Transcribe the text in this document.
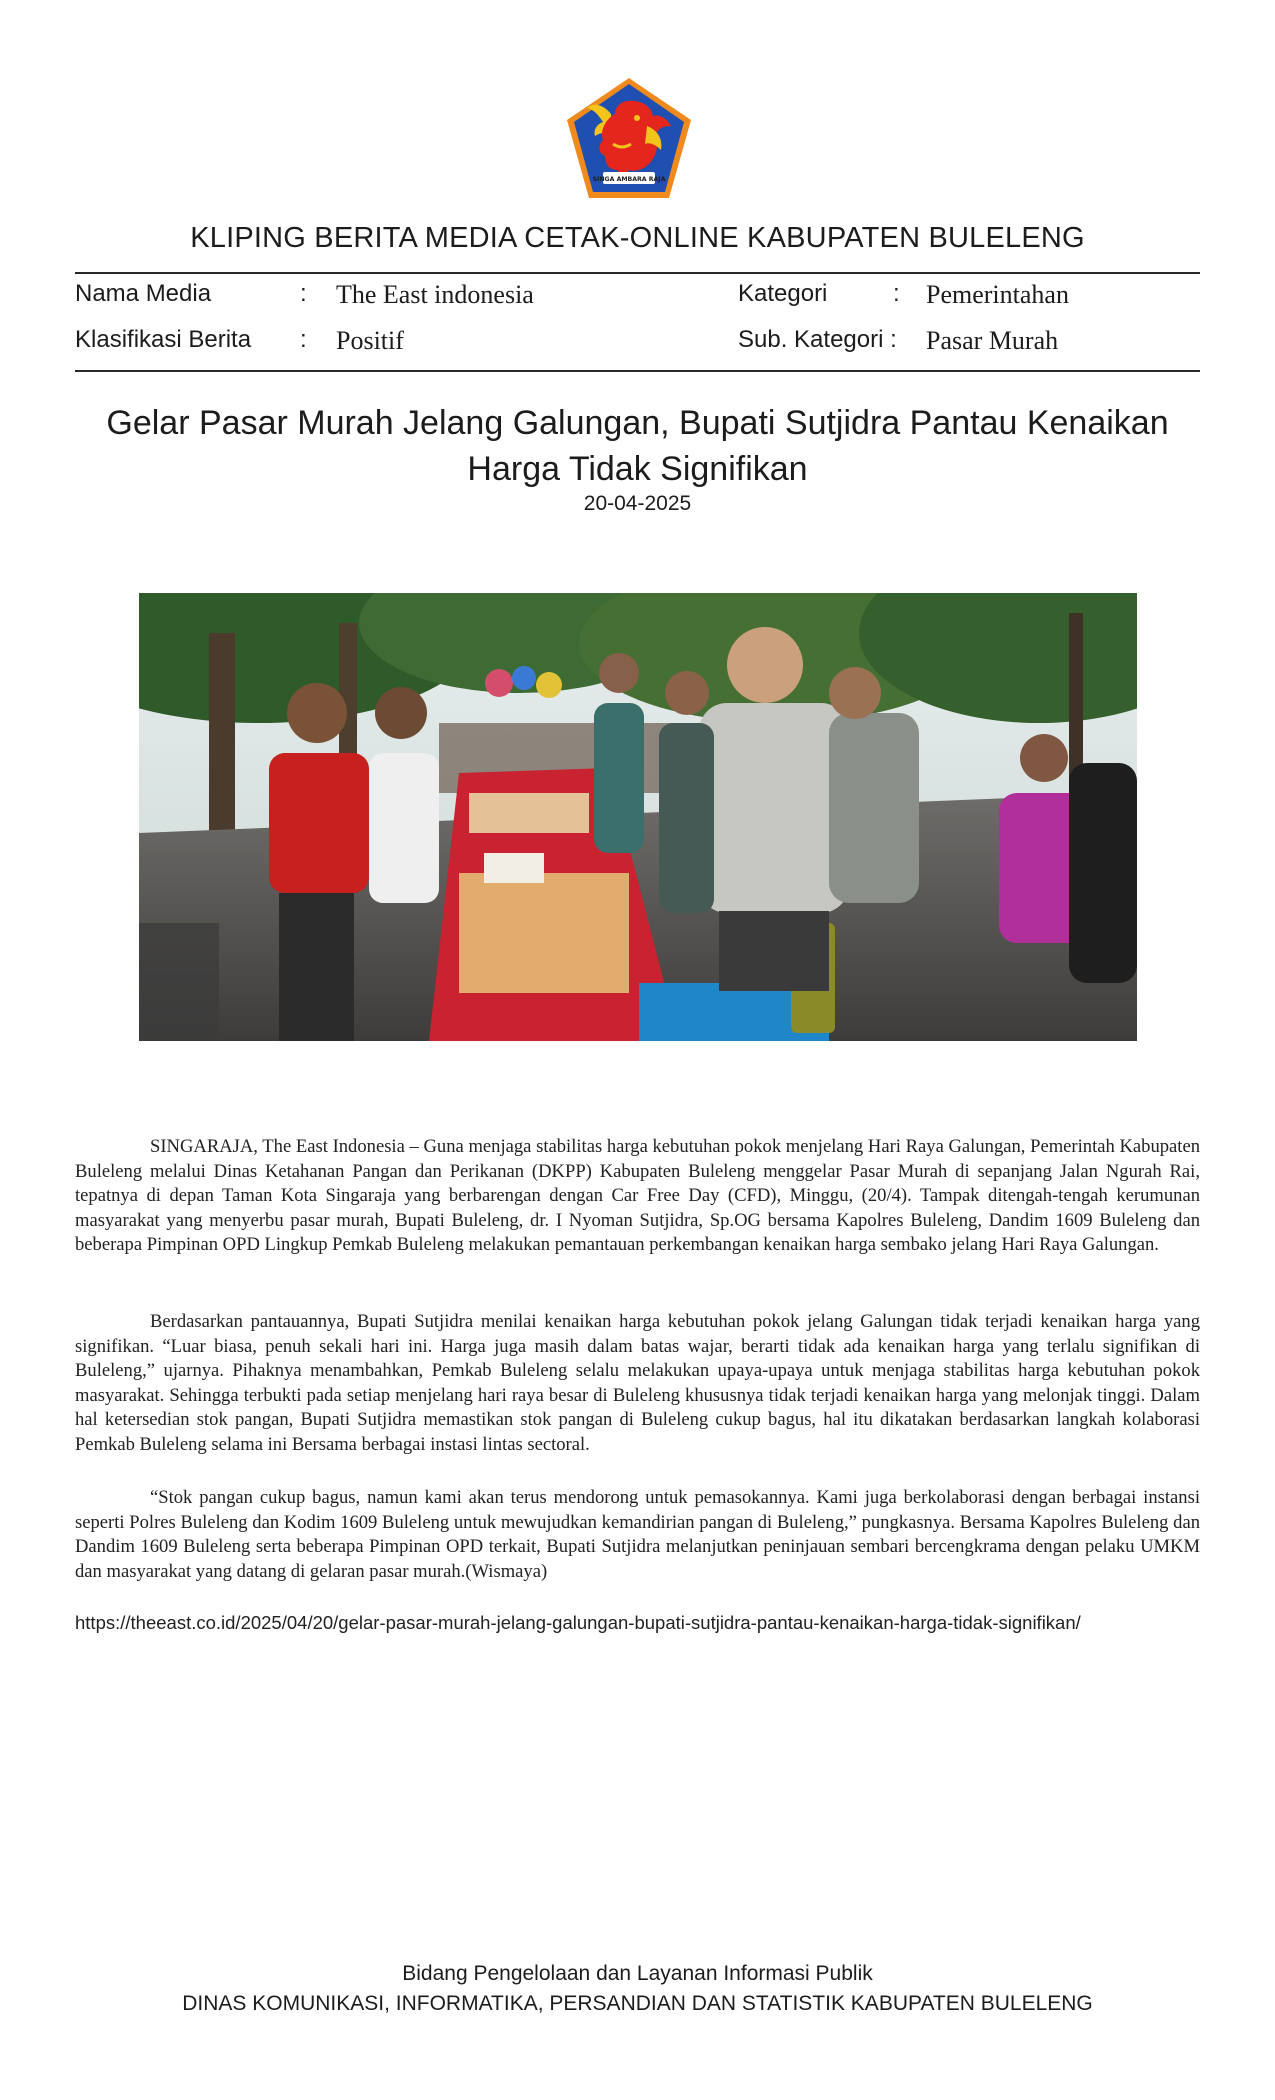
SINGA AMBARA RAJA
KLIPING BERITA MEDIA CETAK-ONLINE KABUPATEN BULELENG
Nama Media	: The East indonesia
Klasifikasi Berita : Positif
Kategori	: Pemerintahan
Sub. Kategori : Pasar Murah
Gelar Pasar Murah Jelang Galungan, Bupati Sutjidra Pantau Kenaikan
Harga Tidak Signifikan
20-04-2025

SINGARAJA, The East Indonesia – Guna menjaga stabilitas harga kebutuhan pokok menjelang Hari Raya Galungan, Pemerintah Kabupaten Buleleng melalui Dinas Ketahanan Pangan dan Perikanan (DKPP) Kabupaten Buleleng menggelar Pasar Murah di sepanjang Jalan Ngurah Rai, tepatnya di depan Taman Kota Singaraja yang berbarengan dengan Car Free Day (CFD), Minggu, (20/4). Tampak ditengah-tengah kerumunan masyarakat yang menyerbu pasar murah, Bupati Buleleng, dr. I Nyoman Sutjidra, Sp.OG bersama Kapolres Buleleng, Dandim 1609 Buleleng dan beberapa Pimpinan OPD Lingkup Pemkab Buleleng melakukan pemantauan perkembangan kenaikan harga sembako jelang Hari Raya Galungan.

Berdasarkan pantauannya, Bupati Sutjidra menilai kenaikan harga kebutuhan pokok jelang Galungan tidak terjadi kenaikan harga yang signifikan. “Luar biasa, penuh sekali hari ini. Harga juga masih dalam batas wajar, berarti tidak ada kenaikan harga yang terlalu signifikan di Buleleng,” ujarnya. Pihaknya menambahkan, Pemkab Buleleng selalu melakukan upaya-upaya untuk menjaga stabilitas harga kebutuhan pokok masyarakat. Sehingga terbukti pada setiap menjelang hari raya besar di Buleleng khususnya tidak terjadi kenaikan harga yang melonjak tinggi. Dalam hal ketersedian stok pangan, Bupati Sutjidra memastikan stok pangan di Buleleng cukup bagus, hal itu dikatakan berdasarkan langkah kolaborasi Pemkab Buleleng selama ini Bersama berbagai instasi lintas sectoral.

“Stok pangan cukup bagus, namun kami akan terus mendorong untuk pemasokannya. Kami juga berkolaborasi dengan berbagai instansi seperti Polres Buleleng dan Kodim 1609 Buleleng untuk mewujudkan kemandirian pangan di Buleleng,” pungkasnya. Bersama Kapolres Buleleng dan Dandim 1609 Buleleng serta beberapa Pimpinan OPD terkait, Bupati Sutjidra melanjutkan peninjauan sembari bercengkrama dengan pelaku UMKM dan masyarakat yang datang di gelaran pasar murah.(Wismaya)

https://theeast.co.id/2025/04/20/gelar-pasar-murah-jelang-galungan-bupati-sutjidra-pantau-kenaikan-harga-tidak-signifikan/
Bidang Pengelolaan dan Layanan Informasi Publik
DINAS KOMUNIKASI, INFORMATIKA, PERSANDIAN DAN STATISTIK KABUPATEN BULELENG
